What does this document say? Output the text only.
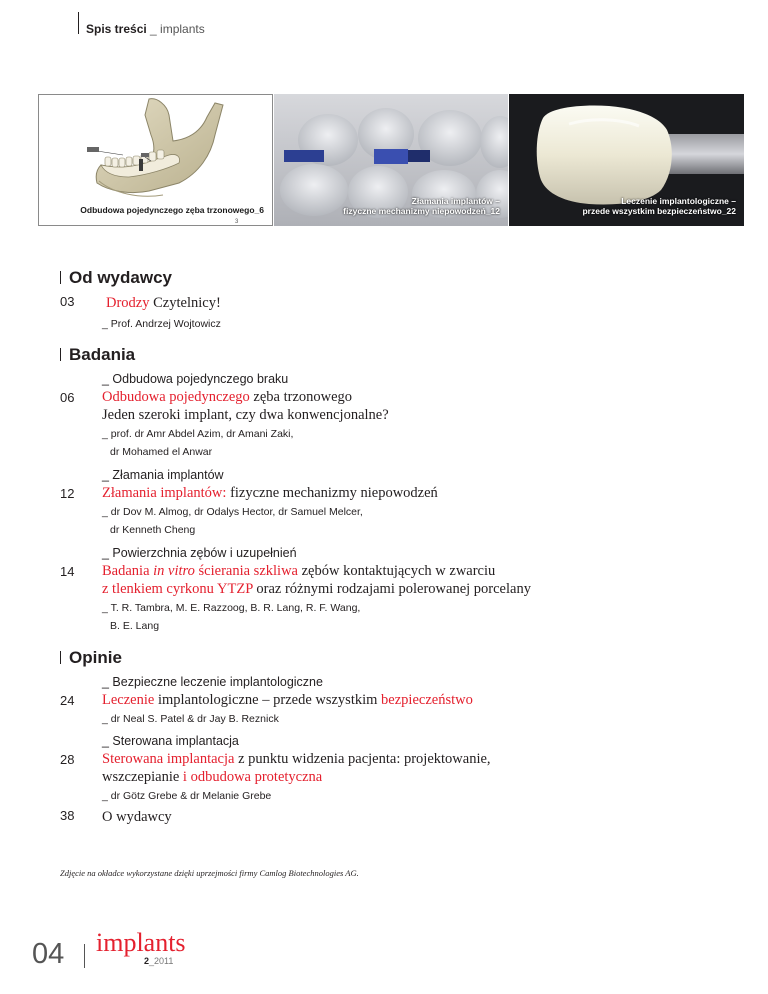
Spis treści _ implants
Odbudowa pojedynczego zęba trzonowego_6
3
Złamania implantów –
fizyczne mechanizmy niepowodzeń_12
Leczenie implantologiczne –
przede wszystkim bezpieczeństwo_22
Od wydawcy
03 Drodzy Czytelnicy!
_ Prof. Andrzej Wojtowicz
Badania
_ Odbudowa pojedynczego braku
06 Odbudowa pojedynczego zęba trzonowego
Jeden szeroki implant, czy dwa konwencjonalne?
_ prof. dr Amr Abdel Azim, dr Amani Zaki,
dr Mohamed el Anwar
_ Złamania implantów
12 Złamania implantów: fizyczne mechanizmy niepowodzeń
_ dr Dov M. Almog, dr Odalys Hector, dr Samuel Melcer,
dr Kenneth Cheng
_ Powierzchnia zębów i uzupełnień
14 Badania in vitro ścierania szkliwa zębów kontaktujących w zwarciu
z tlenkiem cyrkonu YTZP oraz różnymi rodzajami polerowanej porcelany
_ T. R. Tambra, M. E. Razzoog, B. R. Lang, R. F. Wang,
B. E. Lang
Opinie
_ Bezpieczne leczenie implantologiczne
24 Leczenie implantologiczne – przede wszystkim bezpieczeństwo
_ dr Neal S. Patel & dr Jay B. Reznick
_ Sterowana implantacja
28 Sterowana implantacja z punktu widzenia pacjenta: projektowanie,
wszczepianie i odbudowa protetyczna
_ dr Götz Grebe & dr Melanie Grebe
38 O wydawcy
Zdjęcie na okładce wykorzystane dzięki uprzejmości firmy Camlog Biotechnologies AG.
04 implants
2_2011
